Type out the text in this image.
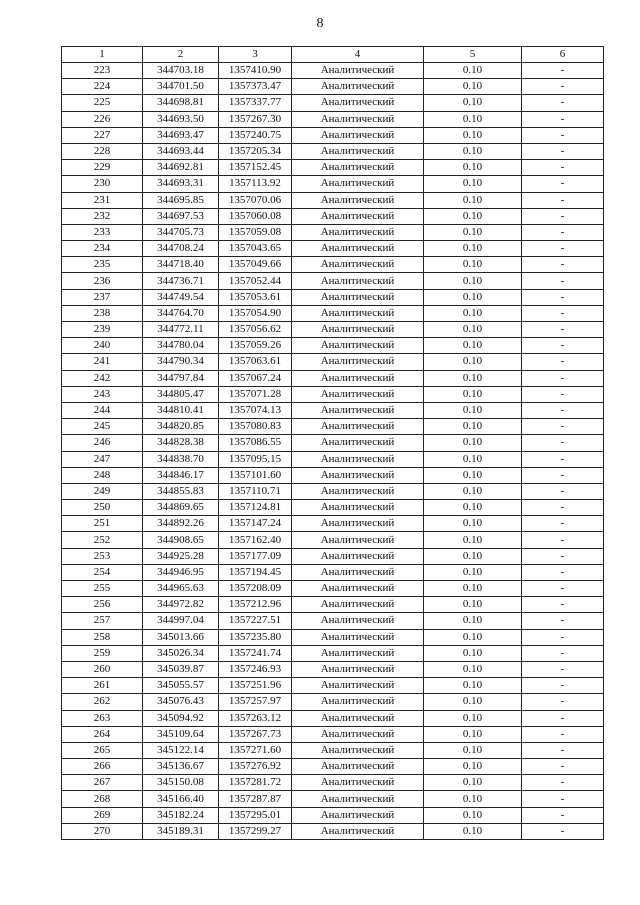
8
1	2	3	4	5	6
223	344703.18	1357410.90	Аналитический	0.10	-
224	344701.50	1357373.47	Аналитический	0.10	-
225	344698.81	1357337.77	Аналитический	0.10	-
226	344693.50	1357267.30	Аналитический	0.10	-
227	344693.47	1357240.75	Аналитический	0.10	-
228	344693.44	1357205.34	Аналитический	0.10	-
229	344692.81	1357152.45	Аналитический	0.10	-
230	344693.31	1357113.92	Аналитический	0.10	-
231	344695.85	1357070.06	Аналитический	0.10	-
232	344697.53	1357060.08	Аналитический	0.10	-
233	344705.73	1357059.08	Аналитический	0.10	-
234	344708.24	1357043.65	Аналитический	0.10	-
235	344718.40	1357049.66	Аналитический	0.10	-
236	344736.71	1357052.44	Аналитический	0.10	-
237	344749.54	1357053.61	Аналитический	0.10	-
238	344764.70	1357054.90	Аналитический	0.10	-
239	344772.11	1357056.62	Аналитический	0.10	-
240	344780.04	1357059.26	Аналитический	0.10	-
241	344790.34	1357063.61	Аналитический	0.10	-
242	344797.84	1357067.24	Аналитический	0.10	-
243	344805.47	1357071.28	Аналитический	0.10	-
244	344810.41	1357074.13	Аналитический	0.10	-
245	344820.85	1357080.83	Аналитический	0.10	-
246	344828.38	1357086.55	Аналитический	0.10	-
247	344838.70	1357095.15	Аналитический	0.10	-
248	344846.17	1357101.60	Аналитический	0.10	-
249	344855.83	1357110.71	Аналитический	0.10	-
250	344869.65	1357124.81	Аналитический	0.10	-
251	344892.26	1357147.24	Аналитический	0.10	-
252	344908.65	1357162.40	Аналитический	0.10	-
253	344925.28	1357177.09	Аналитический	0.10	-
254	344946.95	1357194.45	Аналитический	0.10	-
255	344965.63	1357208.09	Аналитический	0.10	-
256	344972.82	1357212.96	Аналитический	0.10	-
257	344997.04	1357227.51	Аналитический	0.10	-
258	345013.66	1357235.80	Аналитический	0.10	-
259	345026.34	1357241.74	Аналитический	0.10	-
260	345039.87	1357246.93	Аналитический	0.10	-
261	345055.57	1357251.96	Аналитический	0.10	-
262	345076.43	1357257.97	Аналитический	0.10	-
263	345094.92	1357263.12	Аналитический	0.10	-
264	345109.64	1357267.73	Аналитический	0.10	-
265	345122.14	1357271.60	Аналитический	0.10	-
266	345136.67	1357276.92	Аналитический	0.10	-
267	345150.08	1357281.72	Аналитический	0.10	-
268	345166.40	1357287.87	Аналитический	0.10	-
269	345182.24	1357295.01	Аналитический	0.10	-
270	345189.31	1357299.27	Аналитический	0.10	-
